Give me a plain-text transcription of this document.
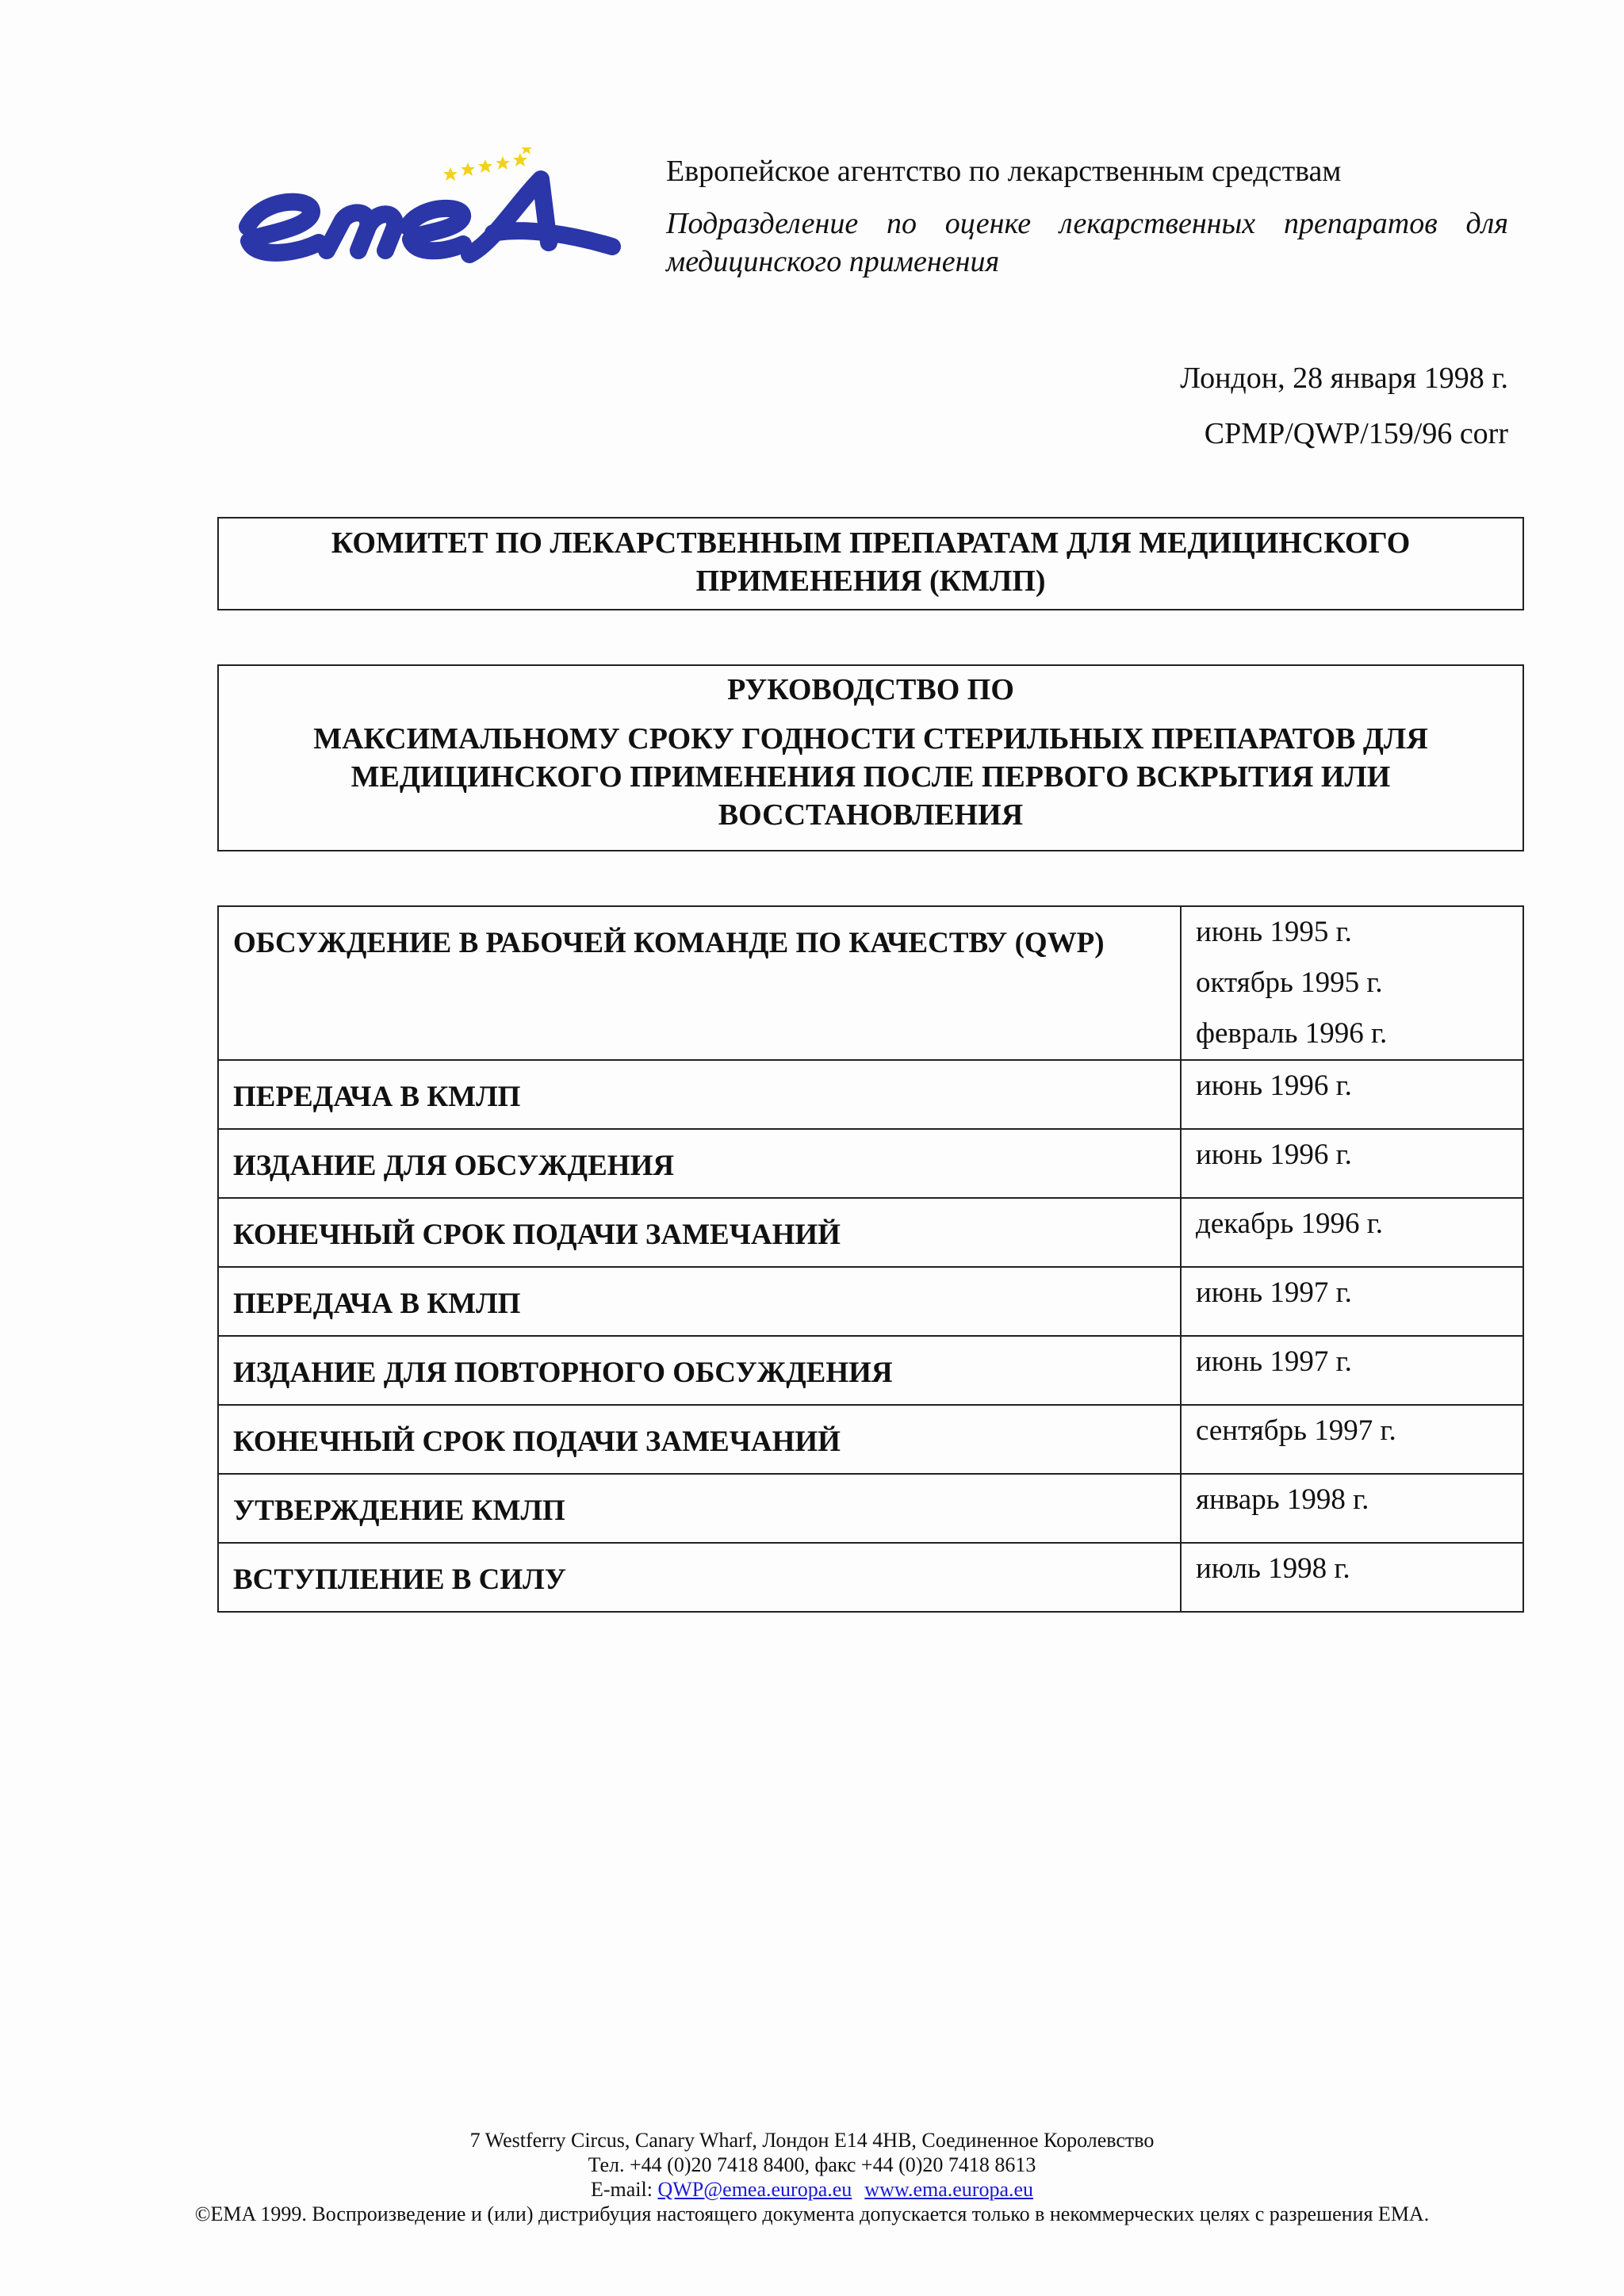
Европейское агентство по лекарственным средствам
Подразделение по оценке лекарственных препаратов для медицинского применения
Лондон, 28 января 1998 г.
CPMP/QWP/159/96 corr
КОМИТЕТ ПО ЛЕКАРСТВЕННЫМ ПРЕПАРАТАМ ДЛЯ МЕДИЦИНСКОГО
ПРИМЕНЕНИЯ (КМЛП)
РУКОВОДСТВО ПО
МАКСИМАЛЬНОМУ СРОКУ ГОДНОСТИ СТЕРИЛЬНЫХ ПРЕПАРАТОВ ДЛЯ
МЕДИЦИНСКОГО ПРИМЕНЕНИЯ ПОСЛЕ ПЕРВОГО ВСКРЫТИЯ ИЛИ
ВОССТАНОВЛЕНИЯ
ОБСУЖДЕНИЕ В РАБОЧЕЙ КОМАНДЕ ПО КАЧЕСТВУ (QWP)	июнь 1995 г.
октябрь 1995 г.
февраль 1996 г.

ПЕРЕДАЧА В КМЛП	июнь 1996 г.
ИЗДАНИЕ ДЛЯ ОБСУЖДЕНИЯ	июнь 1996 г.
КОНЕЧНЫЙ СРОК ПОДАЧИ ЗАМЕЧАНИЙ	декабрь 1996 г.
ПЕРЕДАЧА В КМЛП	июнь 1997 г.
ИЗДАНИЕ ДЛЯ ПОВТОРНОГО ОБСУЖДЕНИЯ	июнь 1997 г.
КОНЕЧНЫЙ СРОК ПОДАЧИ ЗАМЕЧАНИЙ	сентябрь 1997 г.
УТВЕРЖДЕНИЕ КМЛП	январь 1998 г.
ВСТУПЛЕНИЕ В СИЛУ	июль 1998 г.
7 Westferry Circus, Canary Wharf, Лондон E14 4HB, Соединенное Королевство
Тел. +44 (0)20 7418 8400, факс +44 (0)20 7418 8613
E-mail: QWP@emea.europa.eu www.ema.europa.eu
©EMA 1999. Воспроизведение и (или) дистрибуция настоящего документа допускается только в некоммерческих целях с разрешения EMA.
